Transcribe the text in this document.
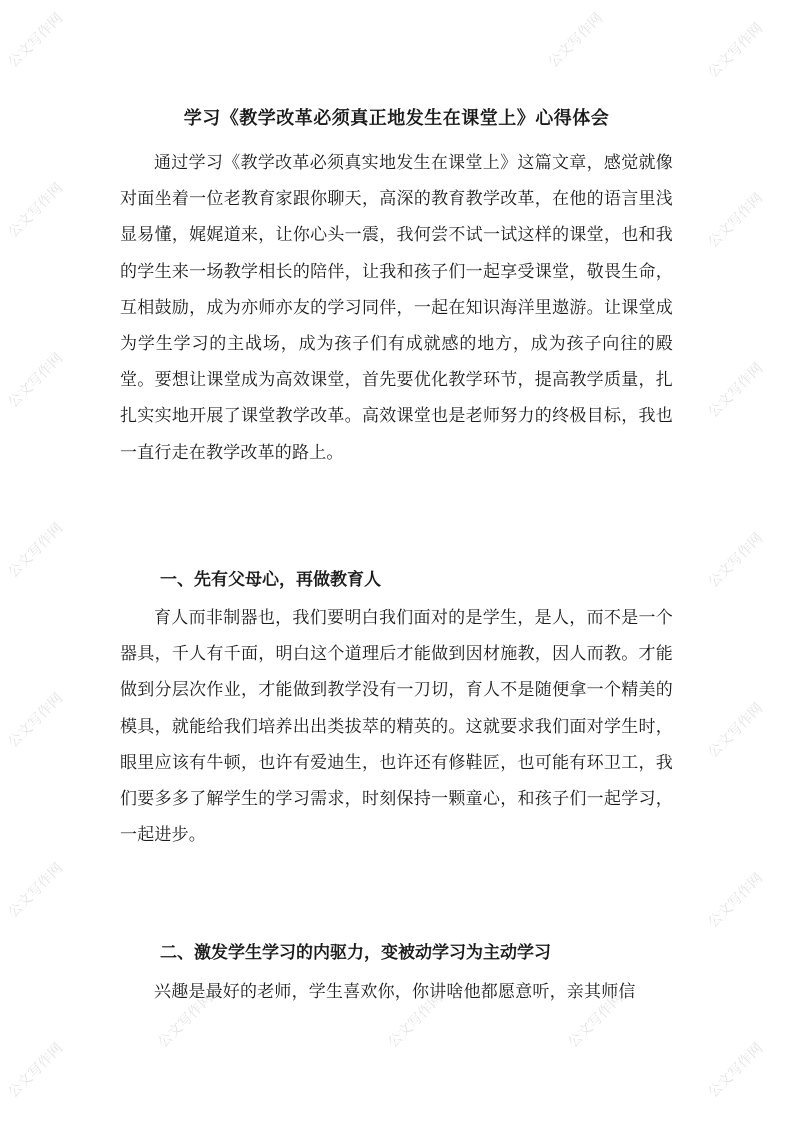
学习《教学改革必须真正地发生在课堂上》心得体会

通过学习《教学改革必须真实地发生在课堂上》这篇文章，感觉就像对面坐着一位老教育家跟你聊天，高深的教育教学改革，在他的语言里浅显易懂，娓娓道来，让你心头一震，我何尝不试一试这样的课堂，也和我的学生来一场教学相长的陪伴，让我和孩子们一起享受课堂，敬畏生命，互相鼓励，成为亦师亦友的学习同伴，一起在知识海洋里遨游。让课堂成为学生学习的主战场，成为孩子们有成就感的地方，成为孩子向往的殿堂。要想让课堂成为高效课堂，首先要优化教学环节，提高教学质量，扎扎实实地开展了课堂教学改革。高效课堂也是老师努力的终极目标，我也一直行走在教学改革的路上。

一、先有父母心，再做教育人

育人而非制器也，我们要明白我们面对的是学生，是人，而不是一个器具，千人有千面，明白这个道理后才能做到因材施教，因人而教。才能做到分层次作业，才能做到教学没有一刀切，育人不是随便拿一个精美的模具，就能给我们培养出出类拔萃的精英的。这就要求我们面对学生时，眼里应该有牛顿，也许有爱迪生，也许还有修鞋匠，也可能有环卫工，我们要多多了解学生的学习需求，时刻保持一颗童心，和孩子们一起学习，一起进步。

二、激发学生学习的内驱力，变被动学习为主动学习

兴趣是最好的老师，学生喜欢你，你讲啥他都愿意听，亲其师信

公文写作网	公文写作网	公文写作网
公文写作网	公文写作网
公文写作网	公文写作网
公文写作网	公文写作网
公文写作网	公文写作网
公文写作网	公文写作网
公文写作网	公文写作网	公文写作网
公文写作网	公文写作网
